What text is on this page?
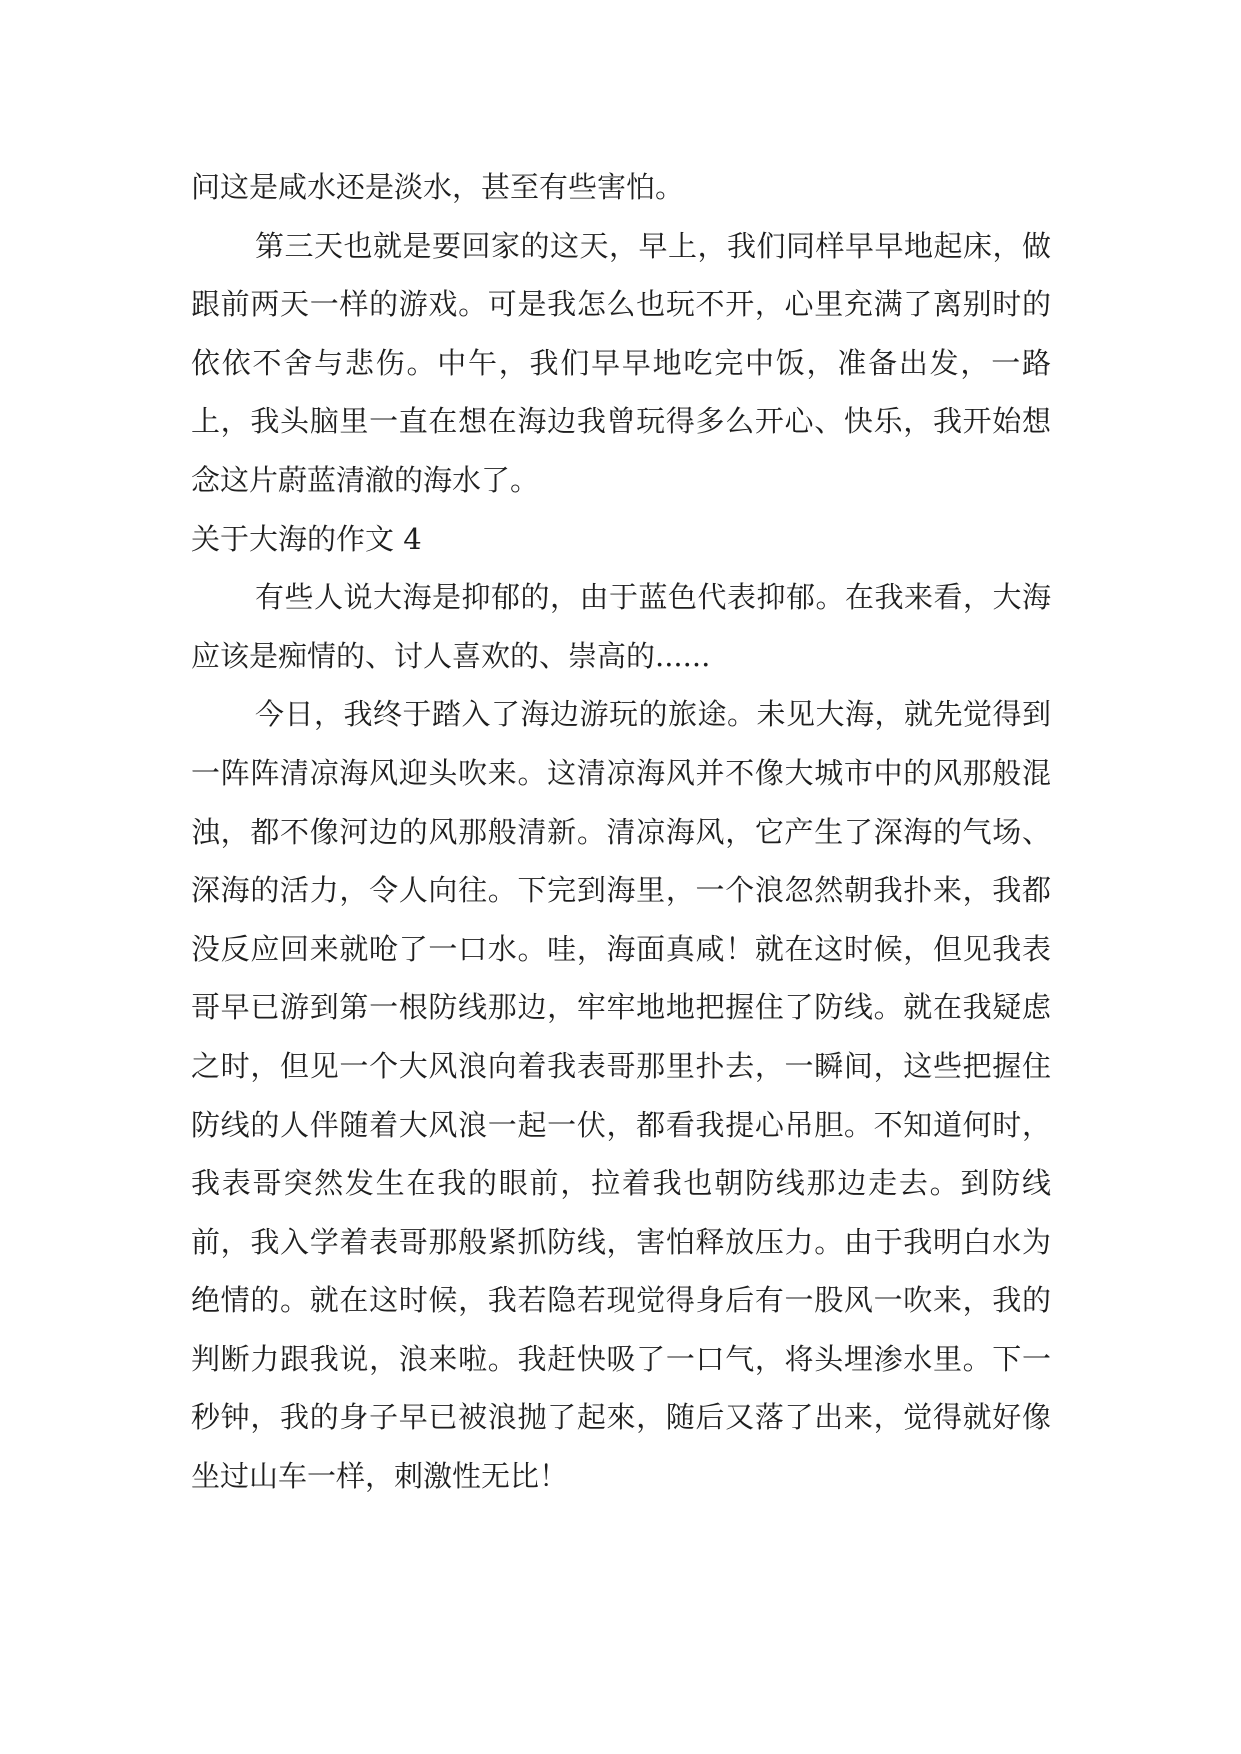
问这是咸水还是淡水，甚至有些害怕。

第三天也就是要回家的这天，早上，我们同样早早地起床，做跟前两天一样的游戏。可是我怎么也玩不开，心里充满了离别时的依依不舍与悲伤。中午，我们早早地吃完中饭，准备出发，一路上，我头脑里一直在想在海边我曾玩得多么开心、快乐，我开始想念这片蔚蓝清澈的海水了。

关于大海的作文 4

有些人说大海是抑郁的，由于蓝色代表抑郁。在我来看，大海应该是痴情的、讨人喜欢的、崇高的......

今日，我终于踏入了海边游玩的旅途。未见大海，就先觉得到一阵阵清凉海风迎头吹来。这清凉海风并不像大城市中的风那般混浊，都不像河边的风那般清新。清凉海风，它产生了深海的气场、深海的活力，令人向往。下完到海里，一个浪忽然朝我扑来，我都没反应回来就呛了一口水。哇，海面真咸！就在这时候，但见我表哥早已游到第一根防线那边，牢牢地地把握住了防线。就在我疑虑之时，但见一个大风浪向着我表哥那里扑去，一瞬间，这些把握住防线的人伴随着大风浪一起一伏，都看我提心吊胆。不知道何时，我表哥突然发生在我的眼前，拉着我也朝防线那边走去。到防线前，我入学着表哥那般紧抓防线，害怕释放压力。由于我明白水为绝情的。就在这时候，我若隐若现觉得身后有一股风一吹来，我的判断力跟我说，浪来啦。我赶快吸了一口气，将头埋渗水里。下一秒钟，我的身子早已被浪抛了起來，随后又落了出来，觉得就好像坐过山车一样，刺激性无比！
